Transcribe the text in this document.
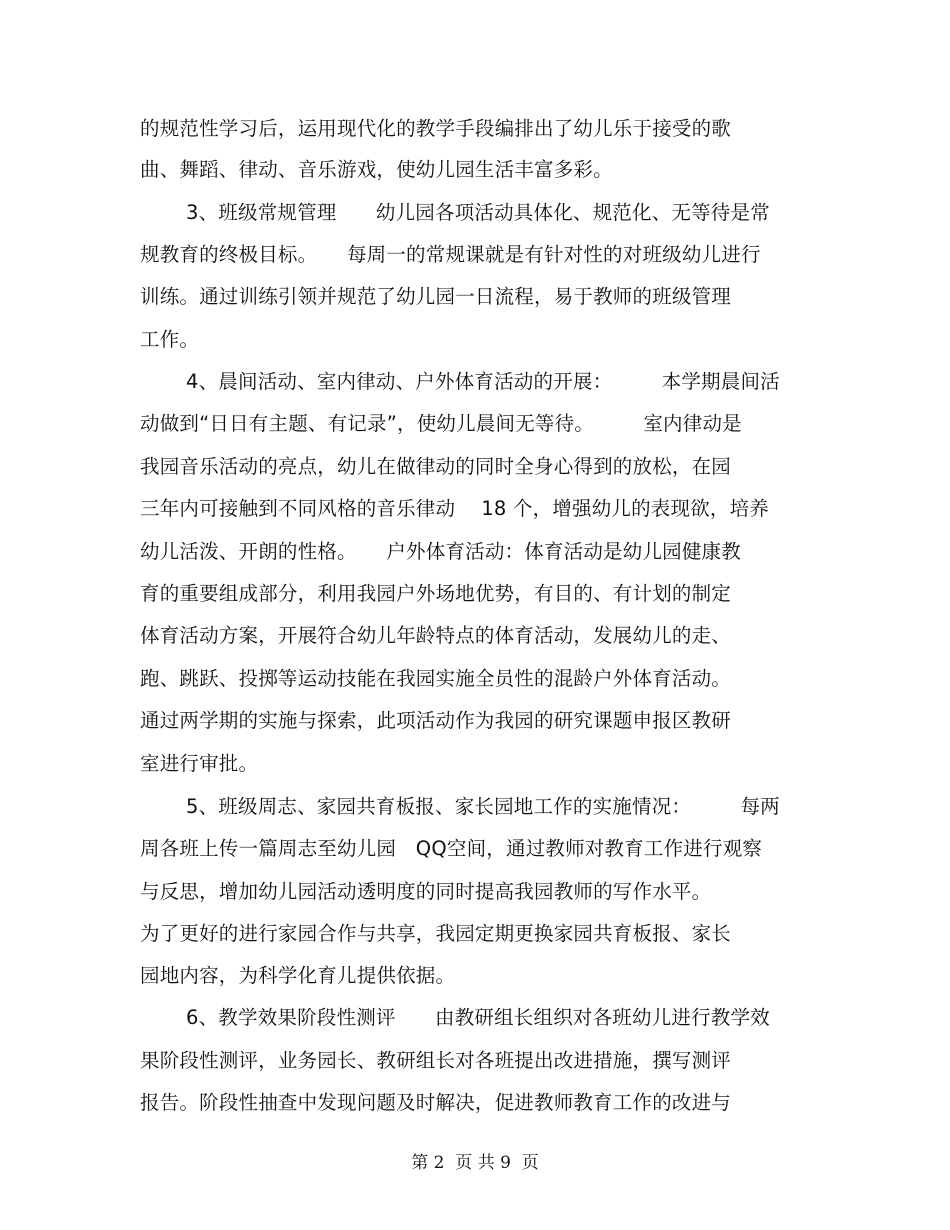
的规范性学习后，运用现代化的教学手段编排出了幼儿乐于接受的歌
曲、舞蹈、律动、音乐游戏，使幼儿园生活丰富多彩。
3、班级常规管理　　幼儿园各项活动具体化、规范化、无等待是常
规教育的终极目标。　　每周一的常规课就是有针对性的对班级幼儿进行
训练。通过训练引领并规范了幼儿园一日流程，易于教师的班级管理
工作。
4、晨间活动、室内律动、户外体育活动的开展：　　　本学期晨间活
动做到“日日有主题、有记录”，使幼儿晨间无等待。　　　室内律动是
我园音乐活动的亮点，幼儿在做律动的同时全身心得到的放松，在园
三年内可接触到不同风格的音乐律动　 18 个，增强幼儿的表现欲，培养
幼儿活泼、开朗的性格。　　户外体育活动：体育活动是幼儿园健康教
育的重要组成部分，利用我园户外场地优势，有目的、有计划的制定
体育活动方案，开展符合幼儿年龄特点的体育活动，发展幼儿的走、
跑、跳跃、投掷等运动技能在我园实施全员性的混龄户外体育活动。
通过两学期的实施与探索，此项活动作为我园的研究课题申报区教研
室进行审批。
5、班级周志、家园共育板报、家长园地工作的实施情况：　　　每两
周各班上传一篇周志至幼儿园　QQ空间，通过教师对教育工作进行观察
与反思，增加幼儿园活动透明度的同时提高我园教师的写作水平。
为了更好的进行家园合作与共享，我园定期更换家园共育板报、家长
园地内容，为科学化育儿提供依据。
6、教学效果阶段性测评　　由教研组长组织对各班幼儿进行教学效
果阶段性测评，业务园长、教研组长对各班提出改进措施，撰写测评
报告。阶段性抽查中发现问题及时解决，促进教师教育工作的改进与
第 2  页 共 9  页
